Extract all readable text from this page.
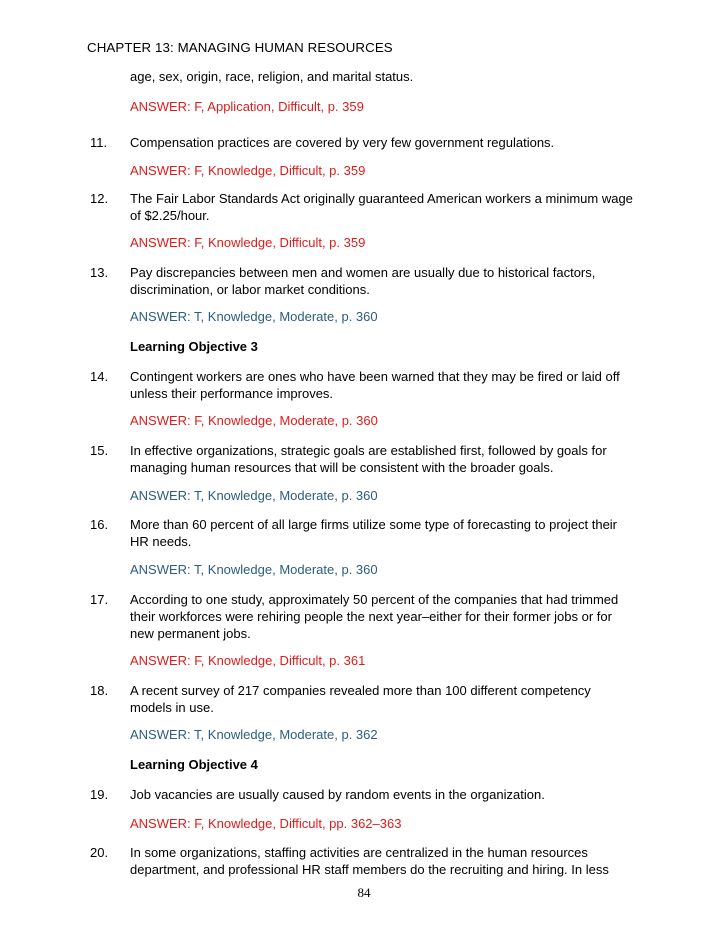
CHAPTER 13: MANAGING HUMAN RESOURCES
age, sex, origin, race, religion, and marital status.
ANSWER: F, Application, Difficult, p. 359
11.	Compensation practices are covered by very few government regulations.
ANSWER: F, Knowledge, Difficult, p. 359
12.	The Fair Labor Standards Act originally guaranteed American workers a minimum wage
of $2.25/hour.
ANSWER: F, Knowledge, Difficult, p. 359
13.	Pay discrepancies between men and women are usually due to historical factors,
discrimination, or labor market conditions.
ANSWER: T, Knowledge, Moderate, p. 360
Learning Objective 3
14.	Contingent workers are ones who have been warned that they may be fired or laid off
unless their performance improves.
ANSWER: F, Knowledge, Moderate, p. 360
15.	In effective organizations, strategic goals are established first, followed by goals for
managing human resources that will be consistent with the broader goals.
ANSWER: T, Knowledge, Moderate, p. 360
16.	More than 60 percent of all large firms utilize some type of forecasting to project their
HR needs.
ANSWER: T, Knowledge, Moderate, p. 360
17.	According to one study, approximately 50 percent of the companies that had trimmed
their workforces were rehiring people the next year–either for their former jobs or for
new permanent jobs.
ANSWER: F, Knowledge, Difficult, p. 361
18.	A recent survey of 217 companies revealed more than 100 different competency
models in use.
ANSWER: T, Knowledge, Moderate, p. 362
Learning Objective 4
19.	Job vacancies are usually caused by random events in the organization.
ANSWER: F, Knowledge, Difficult, pp. 362–363
20.	In some organizations, staffing activities are centralized in the human resources
department, and professional HR staff members do the recruiting and hiring. In less
84
